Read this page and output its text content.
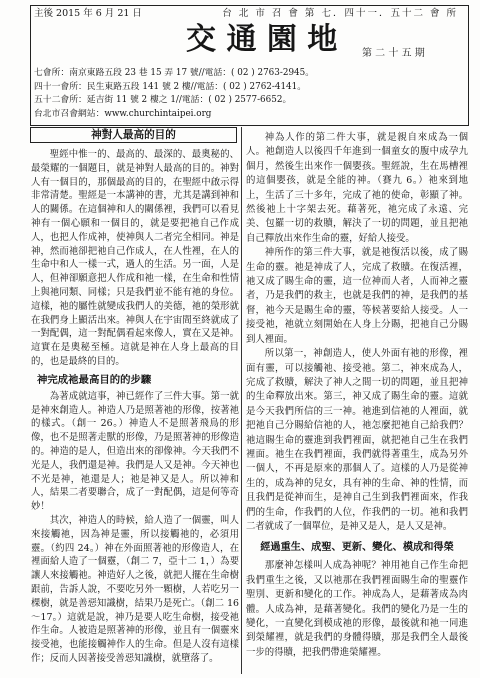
主後 2015 年 6 月 21 日	台 北 市 召 會 第 七．四十一．五十二 會 所
交 通 園 地 第 二 十 五 期
七會所：南京東路五段 23 巷 15 弄 17 號//電話：( 02 ) 2763-2945。
四十一會所：民生東路五段 141 號 2 樓//電話：( 02 ) 2762-4141。
五十二會所：延吉街 11 號 2 樓之 1//電話：( 02 ) 2577-6652。
台北市召會網站：www.churchintaipei.org
神對人最高的目的

聖經中惟一的、最高的、最深的、最奧秘的、最榮耀的一個題目，就是神對人最高的目的。神對人有一個目的，那個最高的目的，在聖經中啟示得非常清楚。聖經是一本講神的書，尤其是講到神和人的關係。在這個神和人的關係裡，我們可以看見神有一個心願和一個目的，就是要把祂自己作成人，也把人作成神，使神與人二者完全相同。神是神，然而祂卻把祂自己作成人，在人性裡，在人的生命中和人一樣一式，過人的生活。另一面，人是人，但神卻願意把人作成和祂一樣，在生命和性情上與祂同類、同樣；只是我們並不能有祂的身位。這樣，祂的屬性就變成我們人的美德，祂的榮形就在我們身上顯活出來。神與人在宇宙間至終就成了一對配偶，這一對配偶看起來像人，實在又是神。這實在是奧秘至極。這就是神在人身上最高的目的，也是最終的目的。

神完成祂最高目的的步驟

為著成就這事，神已經作了三件大事。第一就是神來創造人。神造人乃是照著祂的形像，按著祂的樣式。（創一 26。）神造人不是照著飛鳥的形像，也不是照著走獸的形像，乃是照著神的形像造的。神造的是人，但造出來的卻像神。今天我們不光是人，我們還是神。我們是人又是神。今天神也不光是神，祂還是人；祂是神又是人。所以神和人，結果二者要聯合，成了一對配偶，這是何等奇妙！

其次，神造人的時候，給人造了一個靈，叫人來接觸祂，因為神是靈，所以接觸祂的，必須用靈。（約四 24。）神在外面照著祂的形像造人，在裡面給人造了一個靈，（創二 7，亞十二 1，）為要讓人來接觸祂。神造好人之後，就把人擺在生命樹跟前，告訴人說，不要吃另外一顆樹，人若吃另一棵樹，就是善惡知識樹，結果乃是死亡。（創二 16～17。）這就是說，神乃是要人吃生命樹，接受祂作生命。人被造是照著神的形像，並且有一個靈來接受祂，也能接觸神作人的生命。但是人沒有這樣作；反而人因著接受善惡知識樹，就墮落了。

神為人作的第二件大事，就是親自來成為一個人。祂創造人以後四千年進到一個童女的腹中成孕九個月，然後生出來作一個嬰孩。聖經說，生在馬槽裡的這個嬰孩，就是全能的神。（賽九 6。）祂來到地上，生活了三十多年，完成了祂的使命，彰顯了神。然後祂上十字架去死。藉著死，祂完成了永遠、完美、包羅一切的救贖，解決了一切的問題，並且把祂自己釋放出來作生命的靈，好給人接受。

神所作的第三件大事，就是祂復活以後，成了賜生命的靈。祂是神成了人，完成了救贖。在復活裡，祂又成了賜生命的靈，這一位神而人者，人而神之靈者，乃是我們的救主，也就是我們的神，是我們的基督，祂今天是賜生命的靈，等候著要給人接受。人一接受祂，祂就立刻開始在人身上分賜，把祂自己分賜到人裡面。

所以第一，神創造人，使人外面有祂的形像，裡面有靈，可以接觸祂、接受祂。第二，神來成為人，完成了救贖，解決了神人之間一切的問題，並且把神的生命釋放出來。第三，神又成了賜生命的靈。這就是今天我們所信的三一神。祂進到信祂的人裡面，就把祂自己分賜給信祂的人，祂怎麼把祂自己給我們？祂這賜生命的靈進到我們裡面，就把祂自己生在我們裡面。祂生在我們裡面，我們就得著重生，成為另外一個人，不再是原來的那個人了。這樣的人乃是從神生的，成為神的兒女，具有神的生命、神的性情，而且我們是從神而生，是神自己生到我們裡面來，作我們的生命，作我們的人位，作我們的一切。祂和我們二者就成了一個單位，是神又是人，是人又是神。

經過重生、成聖、更新、變化、模成和得榮

那麼神怎樣叫人成為神呢？神用祂自己作生命把我們重生之後，又以祂那在我們裡面賜生命的聖靈作聖別、更新和變化的工作。神成為人，是藉著成為肉體。人成為神，是藉著變化。我們的變化乃是一生的變化，一直變化到模成祂的形像，最後就和祂一同進到榮耀裡，就是我們的身體得贖，那是我們全人最後一步的得贖，把我們帶進榮耀裡。
